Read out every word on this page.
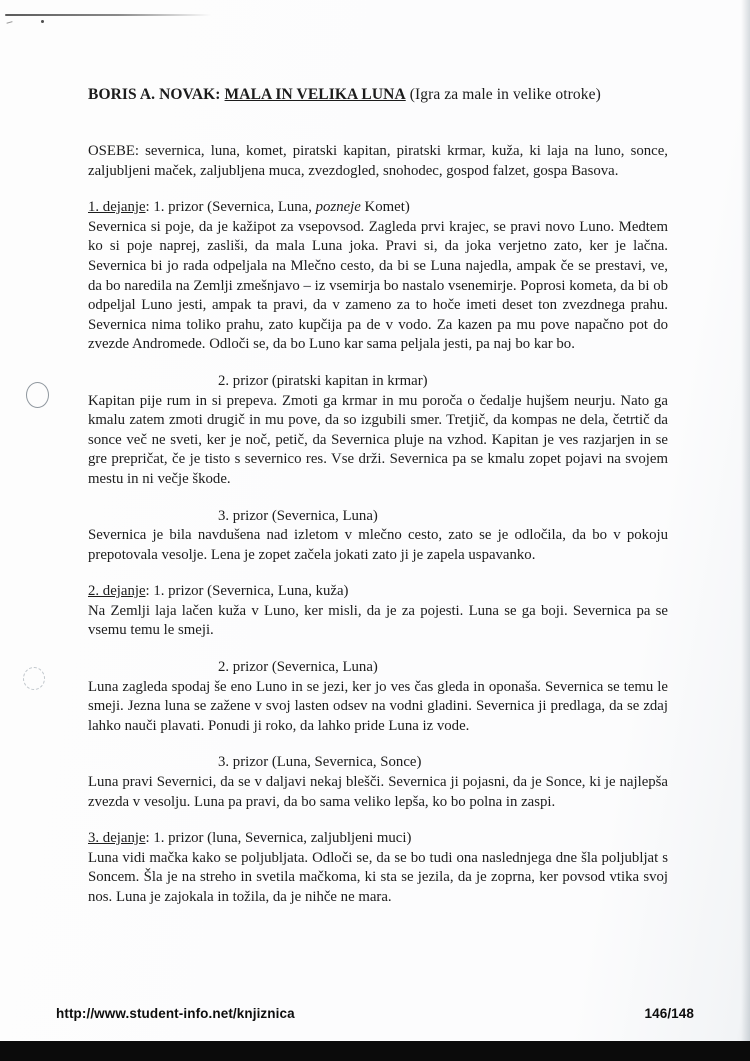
BORIS A. NOVAK: MALA IN VELIKA LUNA (Igra za male in velike otroke)

OSEBE: severnica, luna, komet, piratski kapitan, piratski krmar, kuža, ki laja na luno, sonce, zaljubljeni maček, zaljubljena muca, zvezdogled, snohodec, gospod falzet, gospa Basova.

1. dejanje: 1. prizor (Severnica, Luna, pozneje Komet)

Severnica si poje, da je kažipot za vsepovsod. Zagleda prvi krajec, se pravi novo Luno. Medtem ko si poje naprej, zasliši, da mala Luna joka. Pravi si, da joka verjetno zato, ker je lačna. Severnica bi jo rada odpeljala na Mlečno cesto, da bi se Luna najedla, ampak če se prestavi, ve, da bo naredila na Zemlji zmešnjavo – iz vsemirja bo nastalo vsenemirje. Poprosi kometa, da bi ob odpeljal Luno jesti, ampak ta pravi, da v zameno za to hoče imeti deset ton zvezdnega prahu. Severnica nima toliko prahu, zato kupčija pa de v vodo. Za kazen pa mu pove napačno pot do zvezde Andromede. Odloči se, da bo Luno kar sama peljala jesti, pa naj bo kar bo.

2. prizor (piratski kapitan in krmar)

Kapitan pije rum in si prepeva. Zmoti ga krmar in mu poroča o čedalje hujšem neurju. Nato ga kmalu zatem zmoti drugič in mu pove, da so izgubili smer. Tretjič, da kompas ne dela, četrtič da sonce več ne sveti, ker je noč, petič, da Severnica pluje na vzhod. Kapitan je ves razjarjen in se gre prepričat, če je tisto s severnico res. Vse drži. Severnica pa se kmalu zopet pojavi na svojem mestu in ni večje škode.

3. prizor (Severnica, Luna)

Severnica je bila navdušena nad izletom v mlečno cesto, zato se je odločila, da bo v pokoju prepotovala vesolje. Lena je zopet začela jokati zato ji je zapela uspavanko.

2. dejanje: 1. prizor (Severnica, Luna, kuža)

Na Zemlji laja lačen kuža v Luno, ker misli, da je za pojesti. Luna se ga boji. Severnica pa se vsemu temu le smeji.

2. prizor (Severnica, Luna)

Luna zagleda spodaj še eno Luno in se jezi, ker jo ves čas gleda in oponaša. Severnica se temu le smeji. Jezna luna se zažene v svoj lasten odsev na vodni gladini. Severnica ji predlaga, da se zdaj lahko nauči plavati. Ponudi ji roko, da lahko pride Luna iz vode.

3. prizor (Luna, Severnica, Sonce)

Luna pravi Severnici, da se v daljavi nekaj blešči. Severnica ji pojasni, da je Sonce, ki je najlepša zvezda v vesolju. Luna pa pravi, da bo sama veliko lepša, ko bo polna in zaspi.

3. dejanje: 1. prizor (luna, Severnica, zaljubljeni muci)

Luna vidi mačka kako se poljubljata. Odloči se, da se bo tudi ona naslednjega dne šla poljubljat s Soncem. Šla je na streho in svetila mačkoma, ki sta se jezila, da je zoprna, ker povsod vtika svoj nos. Luna je zajokala in tožila, da je nihče ne mara.

http://www.student-info.net/knjiznica	146/148
